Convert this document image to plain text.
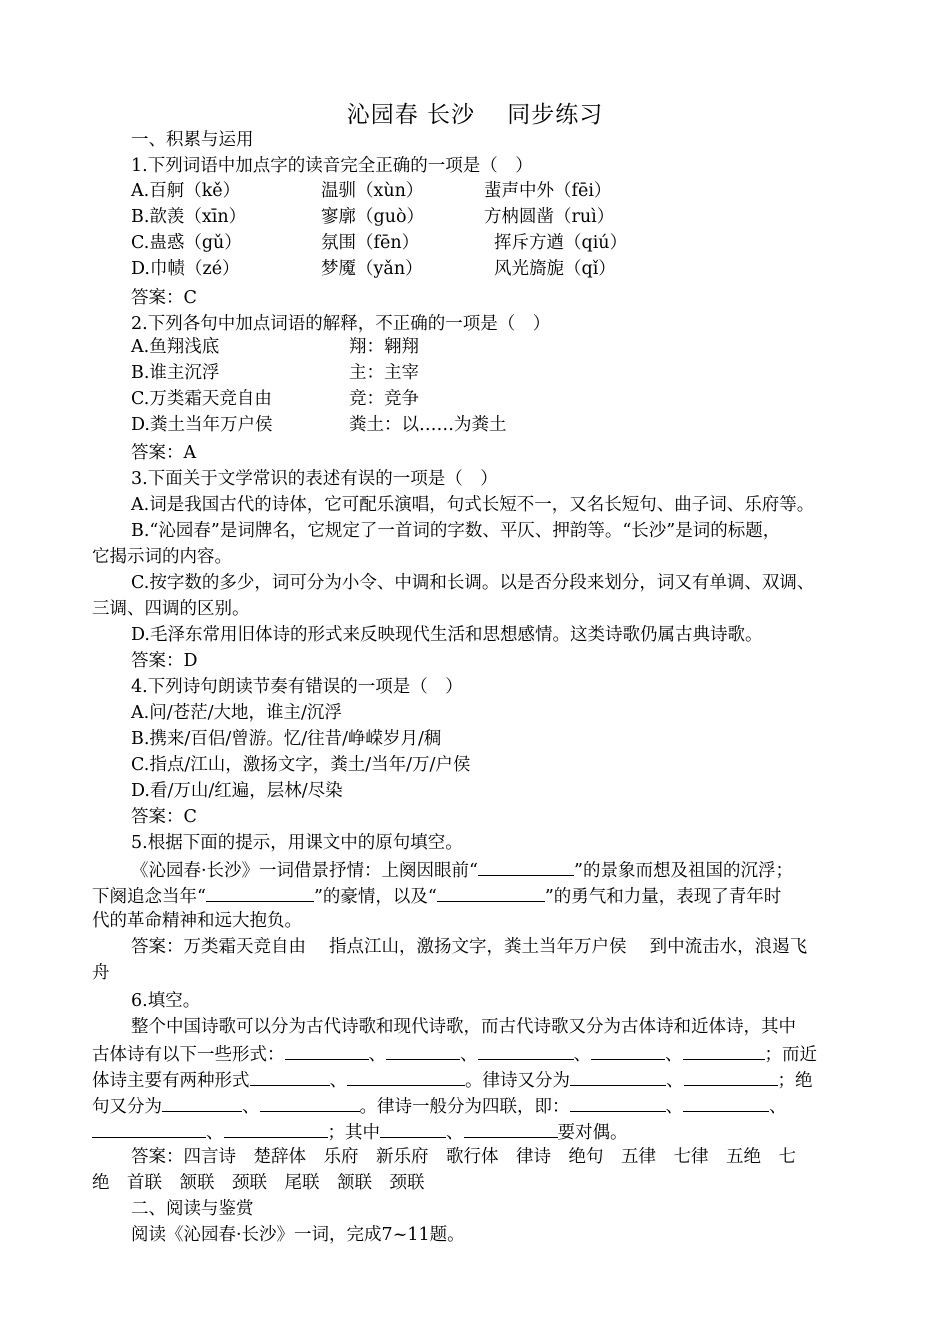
沁园春 长沙　 同步练习
一、积累与运用
1.下列词语中加点字的读音完全正确的一项是（　）
A.百舸（kě）	温驯（xùn）	蜚声中外（fēi）
B.歆羡（xīn）	寥廓（guò）	方枘圆凿（ruì）
C.蛊惑（gǔ）	氛围（fēn）	挥斥方遒（qiú）
D.巾帻（zé）	梦魇（yǎn）	风光旖旎（qǐ）
答案：C
2.下列各句中加点词语的解释，不正确的一项是（　）
A.鱼翔浅底	翔：翱翔
B.谁主沉浮	主：主宰
C.万类霜天竞自由	竞：竞争
D.粪土当年万户侯	粪土：以……为粪土
答案：A
3.下面关于文学常识的表述有误的一项是（　）
A.词是我国古代的诗体，它可配乐演唱，句式长短不一，又名长短句、曲子词、乐府等。
B.“沁园春”是词牌名，它规定了一首词的字数、平仄、押韵等。“长沙”是词的标题，
它揭示词的内容。
C.按字数的多少，词可分为小令、中调和长调。以是否分段来划分，词又有单调、双调、
三调、四调的区别。
D.毛泽东常用旧体诗的形式来反映现代生活和思想感情。这类诗歌仍属古典诗歌。
答案：D
4.下列诗句朗读节奏有错误的一项是（　）
A.问/苍茫/大地，谁主/沉浮
B.携来/百侣/曾游。忆/往昔/峥嵘岁月/稠
C.指点/江山，激扬文字，粪土/当年/万/户侯
D.看/万山/红遍，层林/尽染
答案：C
5.根据下面的提示，用课文中的原句填空。
《沁园春·长沙》一词借景抒情：上阕因眼前“	”的景象而想及祖国的沉浮；
下阕追念当年“	”的豪情，以及“	”的勇气和力量，表现了青年时
代的革命精神和远大抱负。
答案：万类霜天竞自由　 指点江山，激扬文字，粪土当年万户侯　 到中流击水，浪遏飞
舟
6.填空。
整个中国诗歌可以分为古代诗歌和现代诗歌，而古代诗歌又分为古体诗和近体诗，其中
古体诗有以下一些形式：	、	、	、	、	；而近
体诗主要有两种形式	、	。律诗又分为	、	；绝
句又分为	、	。律诗一般分为四联，即：	、	、
、	；其中	、	要对偶。
答案：四言诗　楚辞体　乐府　新乐府　歌行体　律诗　绝句　五律　七律　五绝　七
绝　首联　颔联　颈联　尾联　颔联　颈联
二、阅读与鉴赏
阅读《沁园春·长沙》一词，完成7~11题。
